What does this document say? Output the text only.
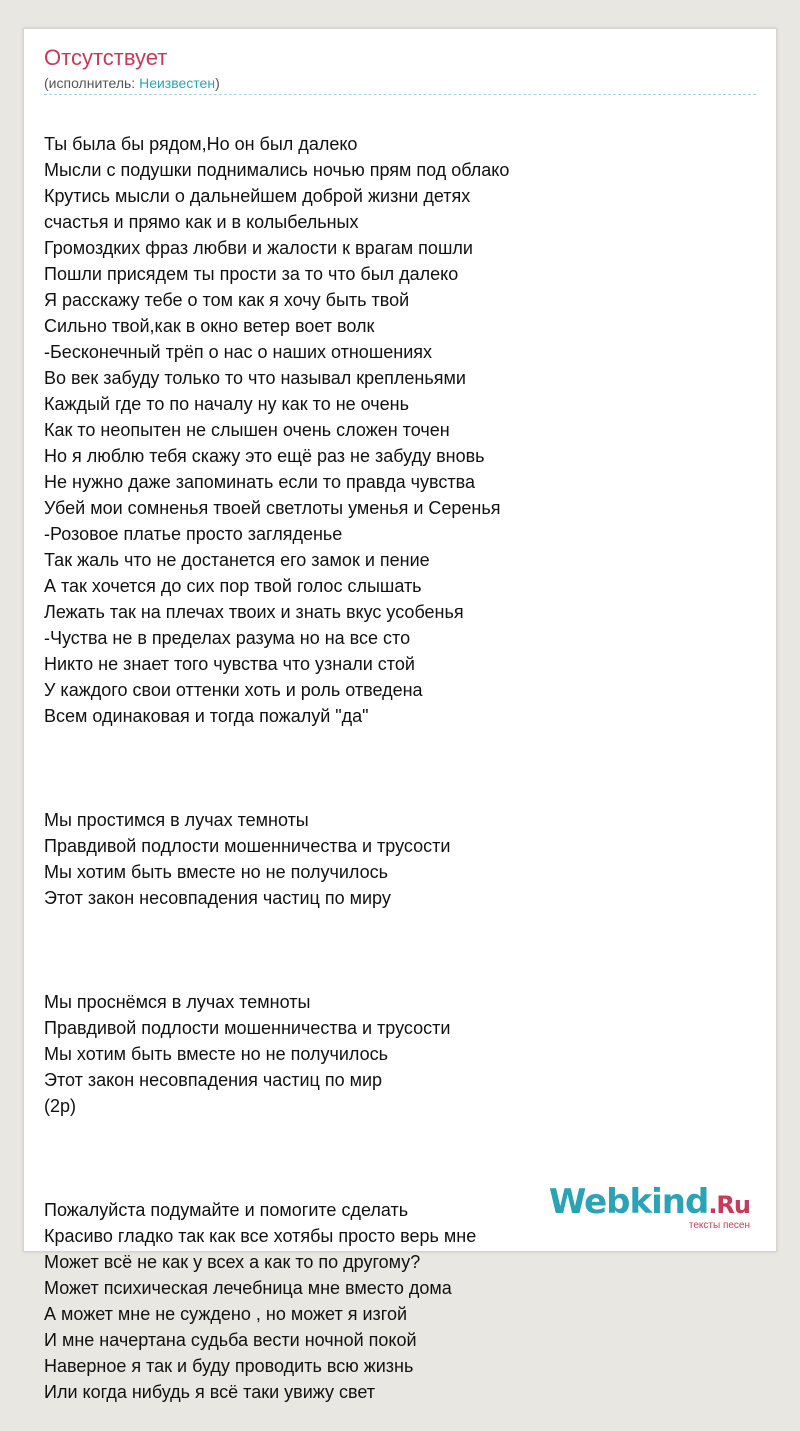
Отсутствует
(исполнитель: Неизвестен)

Ты была бы рядом,Но он был далеко
Мысли с подушки поднимались ночью прям под облако
Крутись мысли о дальнейшем доброй жизни детях
счастья и прямо как и в колыбельных
Громоздких фраз любви и жалости к врагам пошли
Пошли присядем ты прости за то что был далеко
Я расскажу тебе о том как я хочу быть твой
Сильно твой,как в окно ветер воет волк
-Бесконечный трёп о нас о наших отношениях
Во век забуду только то что называл крепленьями
Каждый где то по началу ну как то не очень
Как то неопытен не слышен очень сложен точен
Но я люблю тебя скажу это ещё раз не забуду вновь
Не нужно даже запоминать если то правда чувства
Убей мои сомненья твоей светлоты уменья и Серенья
-Розовое платье просто загляденье
Так жаль что не достанется его замок и пение
А так хочется до сих пор твой голос слышать
Лежать так на плечах твоих и знать вкус усобенья
-Чуства не в пределах разума но на все сто
Никто не знает того чувства что узнали стой
У каждого свои оттенки хоть и роль отведена
Всем одинаковая и тогда пожалуй "да"

Мы простимся в лучах темноты
Правдивой подлости мошенничества и трусости
Мы хотим быть вместе но не получилось
Этот закон несовпадения частиц по миру

Мы проснёмся в лучах темноты
Правдивой подлости мошенничества и трусости
Мы хотим быть вместе но не получилось
Этот закон несовпадения частиц по мир
(2р)

Пожалуйста подумайте и помогите сделать
Красиво гладко так как все хотябы просто верь мне
Может всё не как у всех а как то по другому?
Может психическая лечебница мне вместо дома
А может мне не суждено , но может я изгой
И мне начертана судьба вести ночной покой
Наверное я так и буду проводить всю жизнь
Или когда нибудь я всё таки увижу свет

Webkind.Ru
тексты песен
